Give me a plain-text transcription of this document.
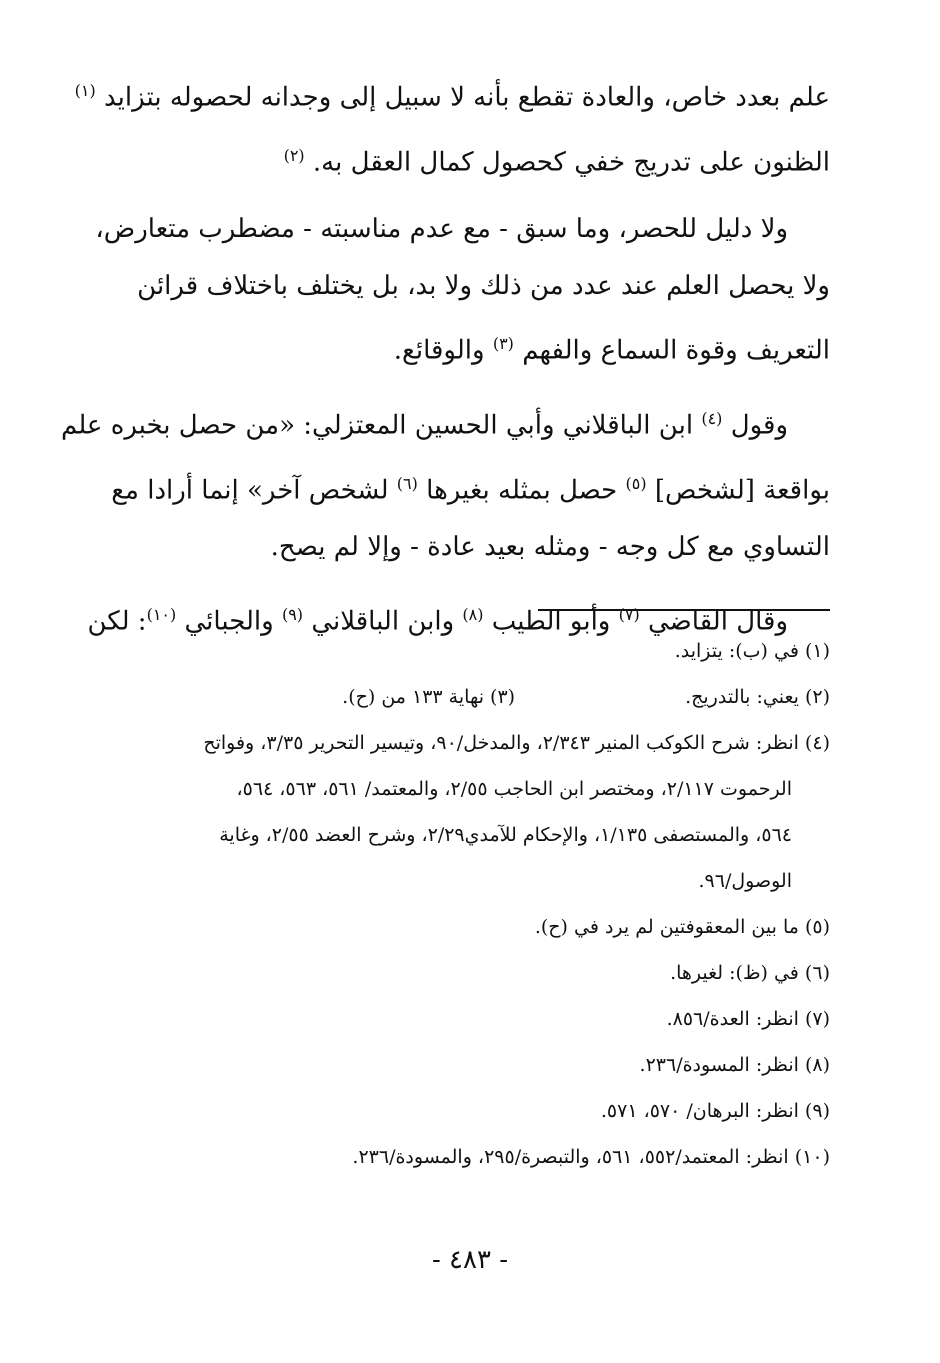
علم بعدد خاص، والعادة تقطع بأنه لا سبيل إلى وجدانه لحصوله بتزايد $^{(١)}$
الظنون على تدريج خفي كحصول كمال العقل به. $^{(٢)}$

ولا دليل للحصر، وما سبق - مع عدم مناسبته - مضطرب متعارض،
ولا يحصل العلم عند عدد من ذلك ولا بد، بل يختلف باختلاف قرائن
التعريف وقوة السماع والفهم $^{(٣)}$ والوقائع.

وقول $^{(٤)}$ ابن الباقلاني وأبي الحسين المعتزلي: «من حصل بخبره علم
بواقعة [لشخص] $^{(٥)}$ حصل بمثله بغيرها $^{(٦)}$ لشخص آخر» إنما أرادا مع
التساوي مع كل وجه - ومثله بعيد عادة - وإلا لم يصح.

وقال القاضي $^{(٧)}$ وأبو الطيب $^{(٨)}$ وابن الباقلاني $^{(٩)}$ والجبائي $^{(١٠)}$: لكن

(١) في (ب): يتزايد.

(٢) يعني: بالتدريج.
(٣) نهاية ١٣٣ من (ح).

(٤) انظر: شرح الكوكب المنير ٢/٣٤٣، والمدخل/٩٠، وتيسير التحرير ٣/٣٥، وفواتح

الرحموت ٢/١١٧، ومختصر ابن الحاجب ٢/٥٥، والمعتمد/ ٥٦١، ٥٦٣، ٥٦٤،

٥٦٤، والمستصفى ١/١٣٥، والإحكام للآمدي٢/٢٩، وشرح العضد ٢/٥٥، وغاية

الوصول/٩٦.

(٥) ما بين المعقوفتين لم يرد في (ح).

(٦) في (ظ): لغيرها.

(٧) انظر: العدة/٨٥٦.

(٨) انظر: المسودة/٢٣٦.

(٩) انظر: البرهان/ ٥٧٠، ٥٧١.

(١٠) انظر: المعتمد/٥٥٢، ٥٦١، والتبصرة/٢٩٥، والمسودة/٢٣٦.

- ٤٨٣ -
